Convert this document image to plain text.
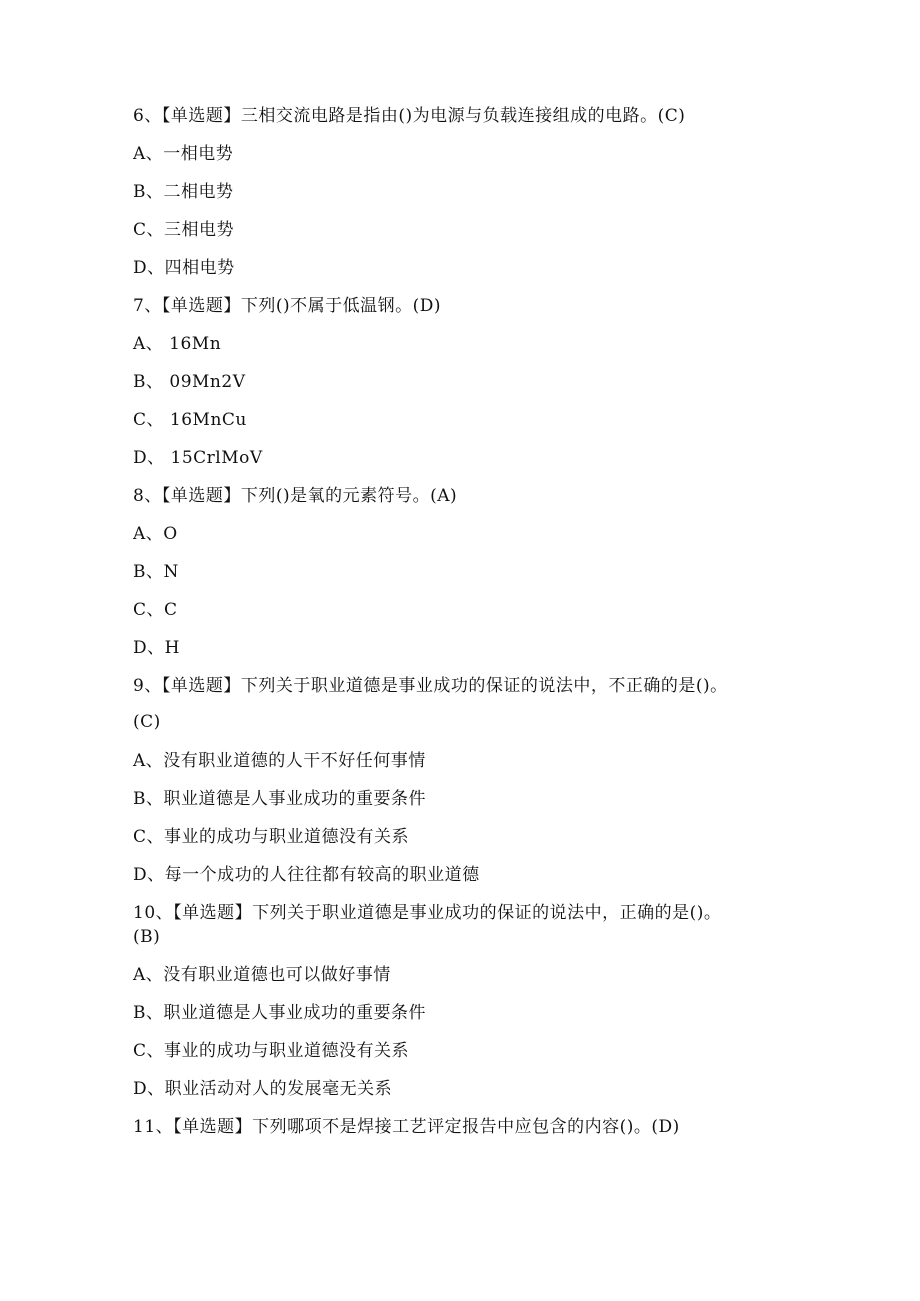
6、【单选题】三相交流电路是指由()为电源与负载连接组成的电路。(C)
A、一相电势
B、二相电势
C、三相电势
D、四相电势
7、【单选题】下列()不属于低温钢。(D)
A、 16Mn
B、 09Mn2V
C、 16MnCu
D、 15CrlMoV
8、【单选题】下列()是氧的元素符号。(A)
A、O
B、N
C、C
D、H
9、【单选题】下列关于职业道德是事业成功的保证的说法中，不正确的是()。
(C)
A、没有职业道德的人干不好任何事情
B、职业道德是人事业成功的重要条件
C、事业的成功与职业道德没有关系
D、每一个成功的人往往都有较高的职业道德
10、【单选题】下列关于职业道德是事业成功的保证的说法中，正确的是()。
(B)
A、没有职业道德也可以做好事情
B、职业道德是人事业成功的重要条件
C、事业的成功与职业道德没有关系
D、职业活动对人的发展毫无关系
11、【单选题】下列哪项不是焊接工艺评定报告中应包含的内容()。(D)
